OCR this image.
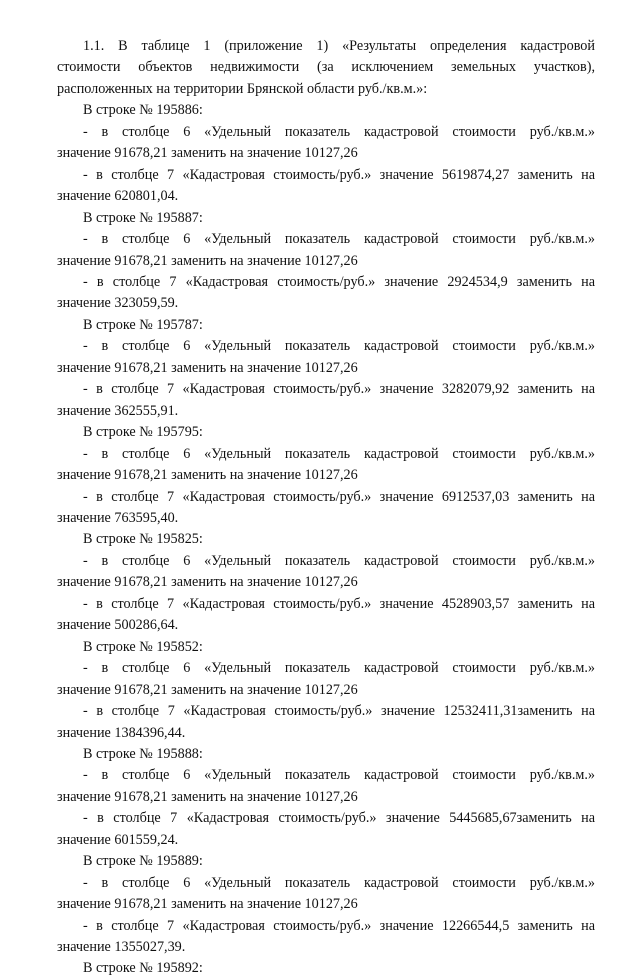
1.1. В таблице 1 (приложение 1) «Результаты определения кадастровой

стоимости объектов недвижимости (за исключением земельных участков),

расположенных на территории Брянской области руб./кв.м.»:

В строке № 195886:

- в столбце 6 «Удельный показатель кадастровой стоимости руб./кв.м.»

значение 91678,21 заменить на значение 10127,26

- в столбце 7 «Кадастровая стоимость/руб.» значение 5619874,27 заменить на

значение 620801,04.

В строке № 195887:

- в столбце 6 «Удельный показатель кадастровой стоимости руб./кв.м.»

значение 91678,21 заменить на значение 10127,26

- в столбце 7 «Кадастровая стоимость/руб.» значение 2924534,9 заменить на

значение 323059,59.

В строке № 195787:

- в столбце 6 «Удельный показатель кадастровой стоимости руб./кв.м.»

значение 91678,21 заменить на значение 10127,26

- в столбце 7 «Кадастровая стоимость/руб.» значение 3282079,92 заменить на

значение 362555,91.

В строке № 195795:

- в столбце 6 «Удельный показатель кадастровой стоимости руб./кв.м.»

значение 91678,21 заменить на значение 10127,26

- в столбце 7 «Кадастровая стоимость/руб.» значение 6912537,03 заменить на

значение 763595,40.

В строке № 195825:

- в столбце 6 «Удельный показатель кадастровой стоимости руб./кв.м.»

значение 91678,21 заменить на значение 10127,26

- в столбце 7 «Кадастровая стоимость/руб.» значение 4528903,57 заменить на

значение 500286,64.

В строке № 195852:

- в столбце 6 «Удельный показатель кадастровой стоимости руб./кв.м.»

значение 91678,21 заменить на значение 10127,26

- в столбце 7 «Кадастровая стоимость/руб.» значение 12532411,31заменить на

значение 1384396,44.

В строке № 195888:

- в столбце 6 «Удельный показатель кадастровой стоимости руб./кв.м.»

значение 91678,21 заменить на значение 10127,26

- в столбце 7 «Кадастровая стоимость/руб.» значение 5445685,67заменить на

значение 601559,24.

В строке № 195889:

- в столбце 6 «Удельный показатель кадастровой стоимости руб./кв.м.»

значение 91678,21 заменить на значение 10127,26

- в столбце 7 «Кадастровая стоимость/руб.» значение 12266544,5 заменить на

значение 1355027,39.

В строке № 195892:
